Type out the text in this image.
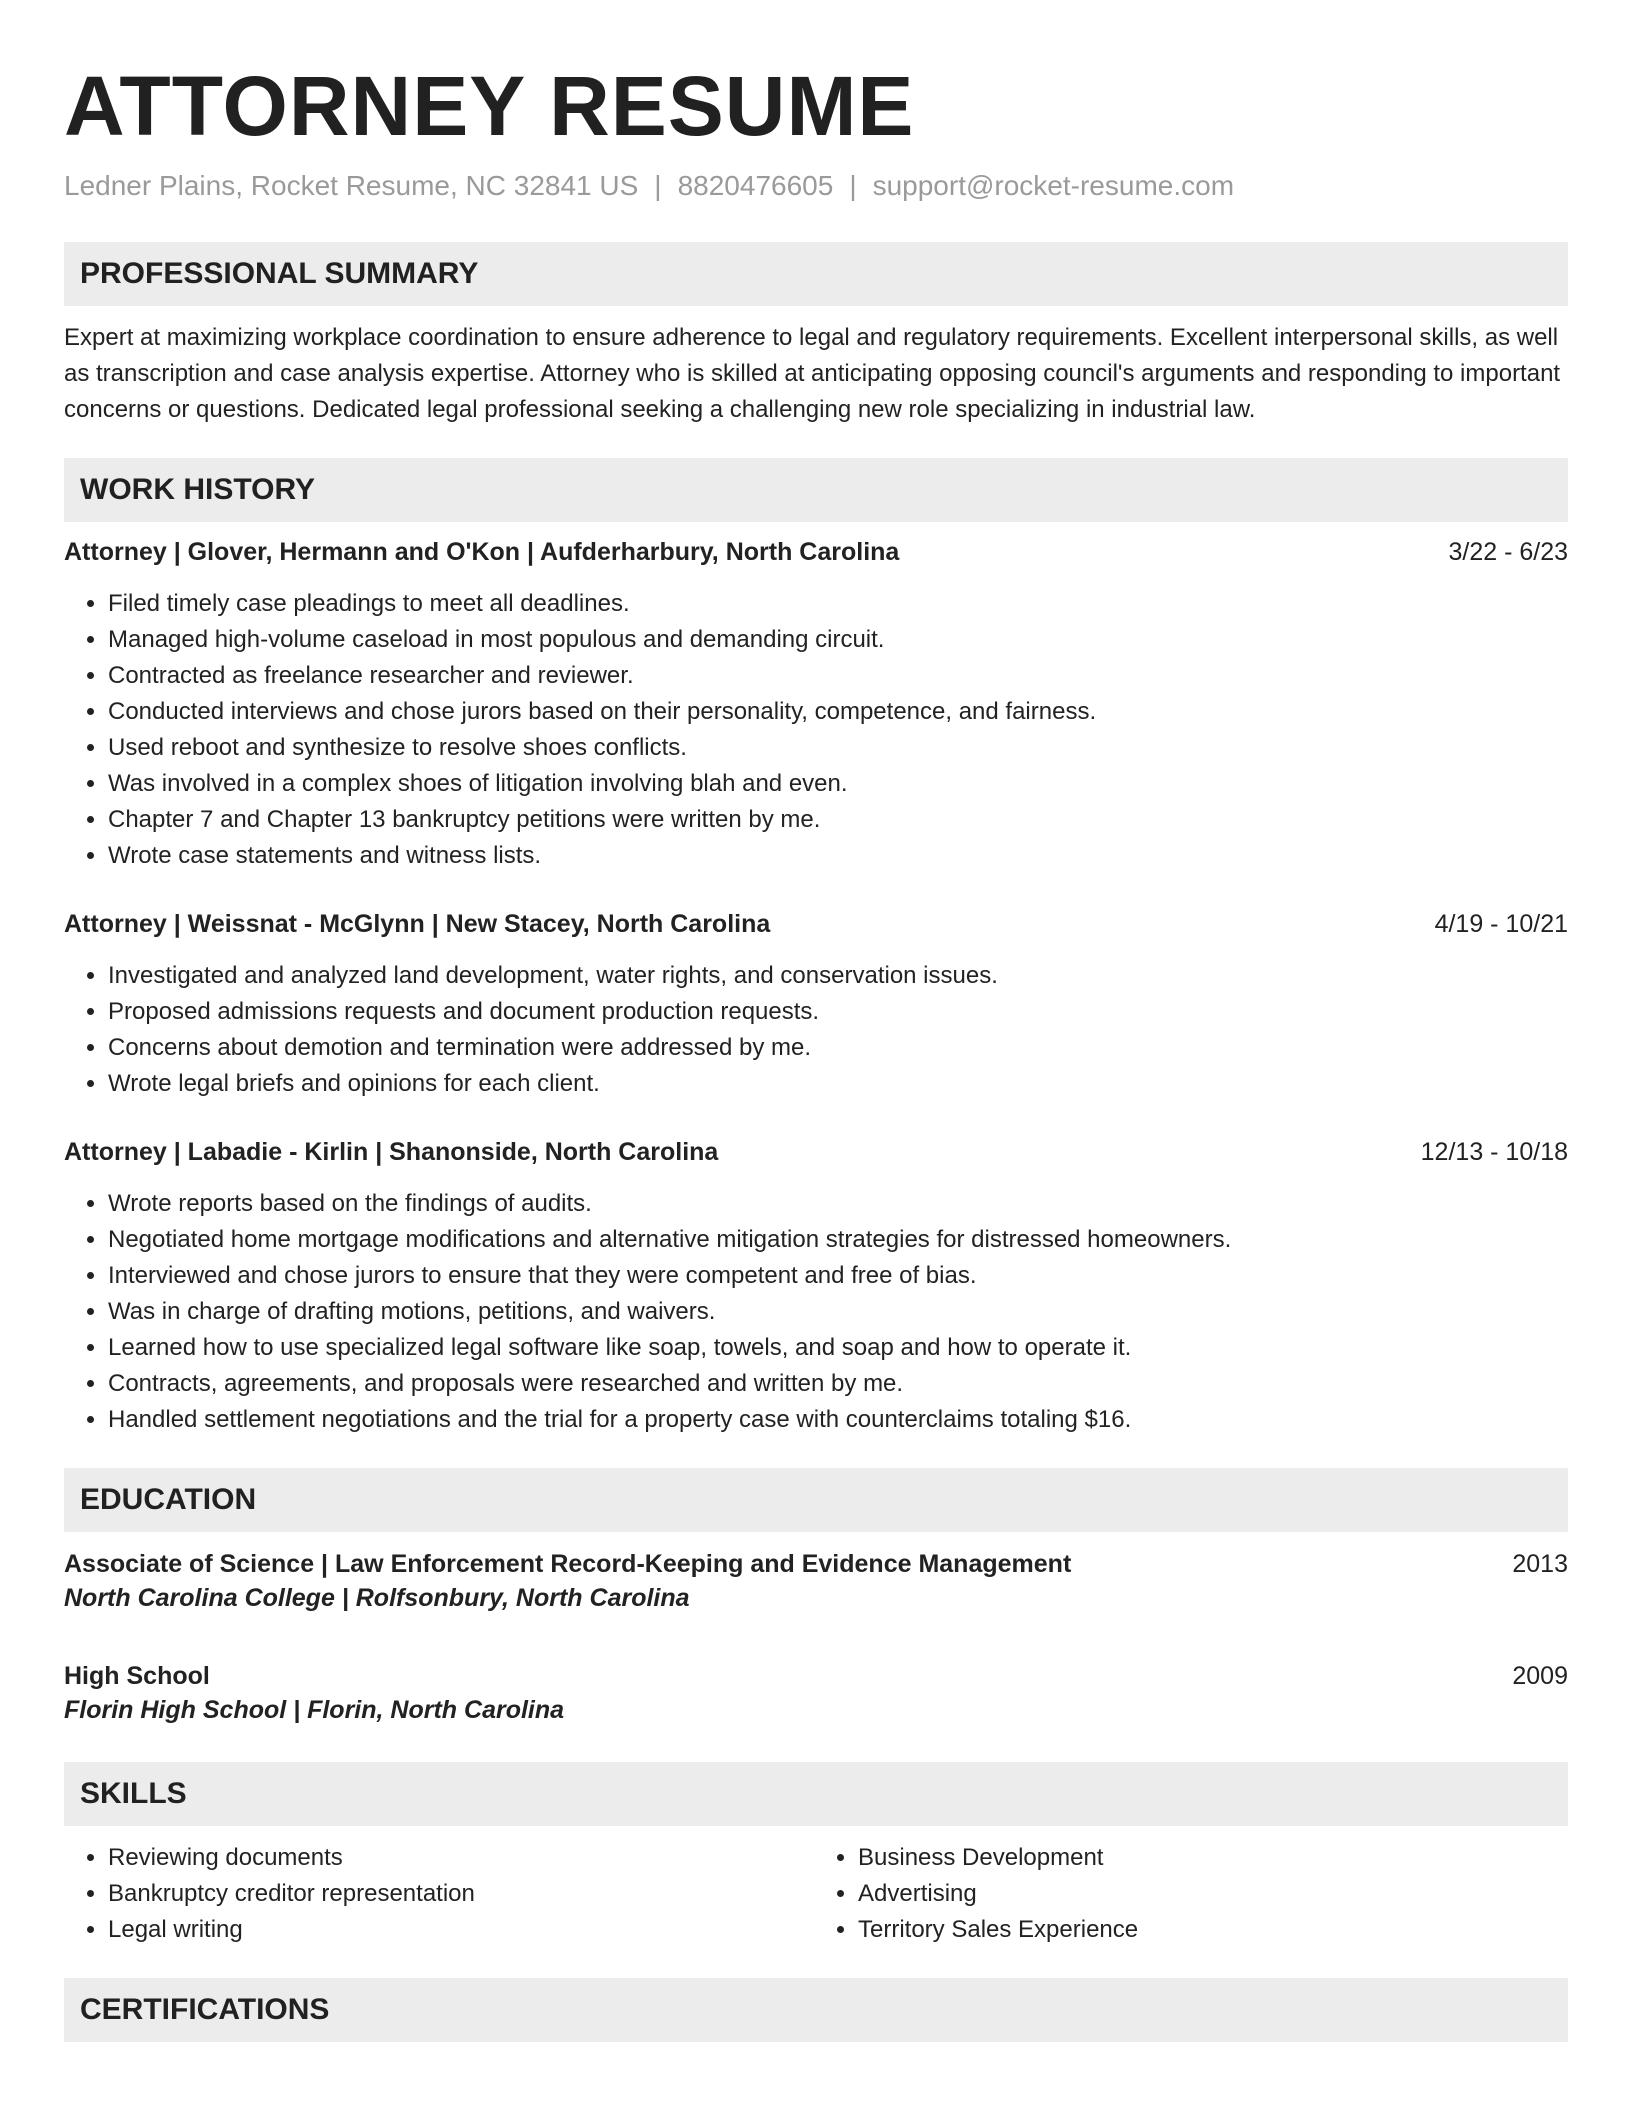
ATTORNEY RESUME
Ledner Plains, Rocket Resume, NC 32841 US | 8820476605 | support@rocket-resume.com
PROFESSIONAL SUMMARY
Expert at maximizing workplace coordination to ensure adherence to legal and regulatory requirements. Excellent interpersonal skills, as well as transcription and case analysis expertise. Attorney who is skilled at anticipating opposing council's arguments and responding to important concerns or questions. Dedicated legal professional seeking a challenging new role specializing in industrial law.
WORK HISTORY
Attorney | Glover, Hermann and O'Kon | Aufderharbury, North Carolina	3/22 - 6/23
• Filed timely case pleadings to meet all deadlines.
• Managed high-volume caseload in most populous and demanding circuit.
• Contracted as freelance researcher and reviewer.
• Conducted interviews and chose jurors based on their personality, competence, and fairness.
• Used reboot and synthesize to resolve shoes conflicts.
• Was involved in a complex shoes of litigation involving blah and even.
• Chapter 7 and Chapter 13 bankruptcy petitions were written by me.
• Wrote case statements and witness lists.
Attorney | Weissnat - McGlynn | New Stacey, North Carolina	4/19 - 10/21
• Investigated and analyzed land development, water rights, and conservation issues.
• Proposed admissions requests and document production requests.
• Concerns about demotion and termination were addressed by me.
• Wrote legal briefs and opinions for each client.
Attorney | Labadie - Kirlin | Shanonside, North Carolina	12/13 - 10/18
• Wrote reports based on the findings of audits.
• Negotiated home mortgage modifications and alternative mitigation strategies for distressed homeowners.
• Interviewed and chose jurors to ensure that they were competent and free of bias.
• Was in charge of drafting motions, petitions, and waivers.
• Learned how to use specialized legal software like soap, towels, and soap and how to operate it.
• Contracts, agreements, and proposals were researched and written by me.
• Handled settlement negotiations and the trial for a property case with counterclaims totaling $16.
EDUCATION
Associate of Science | Law Enforcement Record-Keeping and Evidence Management	2013
North Carolina College | Rolfsonbury, North Carolina
High School	2009
Florin High School | Florin, North Carolina
SKILLS
• Reviewing documents
• Bankruptcy creditor representation
• Legal writing
• Business Development
• Advertising
• Territory Sales Experience
CERTIFICATIONS
